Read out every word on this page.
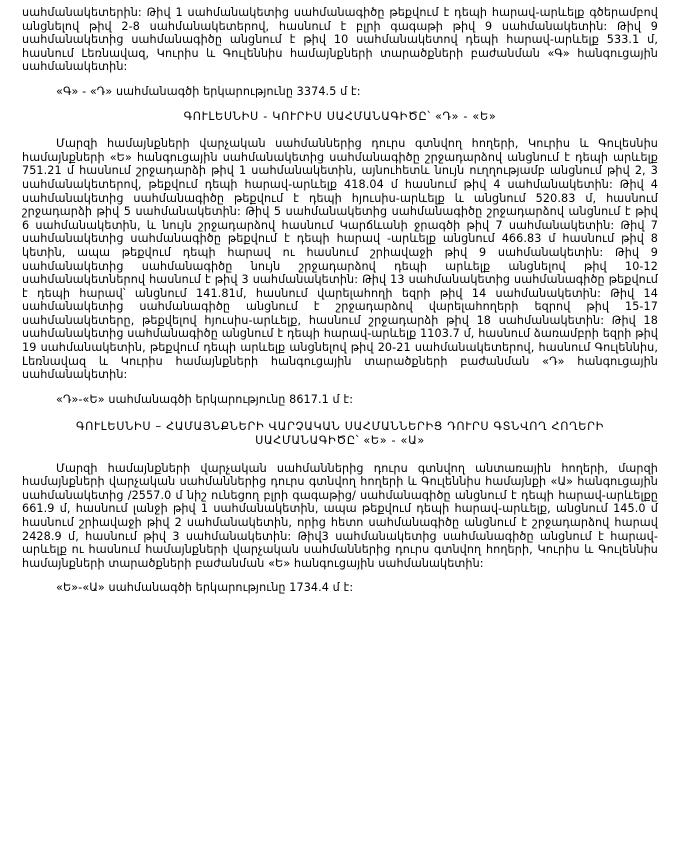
սահմանակետերին: Թիվ 1 սահմանակետից սահմանագիծը թեքվում է դեպի հարավ-արևելք գծերամբով անցնելով թիվ 2-8 սահմանակետերով, հասնում է բլրի գագաթի թիվ 9 սահմանակետին: Թիվ 9 սահմանակետից սահմանագիծը անցնում է թիվ 10 սահմանակետով դեպի հարավ-արևելք 533.1 մ, հասնում Լեռնավազ, Կուրիս և Գուլեննիս համայնքների տարածքների բաժանման «Գ» հանգուցային սահմանակետին:

«Գ» - «Դ» սահմանագծի երկարությունը 3374.5 մ է:

ԳՈՒԼԵՍՆԻՍ - ԿՈՒՐԻՍ ՍԱՀՄԱՆԱԳԻԾԸ՝ «Դ» - «Ե»

Մարզի համայնքների վարչական սահմաններից դուրս գտնվող հողերի, Կուրիս և Գուլեսնիս համայնքների «Ե» հանգուցային սահմանակետից սահմանագիծը շրջադարձով անցնում է դեպի արևելք 751.21 մ հասնում շրջադարձի թիվ 1 սահմանակետին, այնուհետև նույն ուղղությամբ անցնում թիվ 2, 3 սահմանակետերով, թեքվում դեպի հարավ-արևելք 418.04 մ հասնում թիվ 4 սահմանակետին: Թիվ 4 սահմանակետից սահմանագիծը թեքվում է դեպի հյուսիս-արևելք և անցնում 520.83 մ, հասնում շրջադարձի թիվ 5 սահմանակետին: Թիվ 5 սահմանակետից սահմանագիծը շրջադարձով անցնում է թիվ 6 սահմանակետին, և նույն շրջադարձով հասնում Կարճևանի ջրագծի թիվ 7 սահմանակետին: Թիվ 7 սահմանակետից սահմանագիծը թեքվում է դեպի հարավ -արևելք անցնում 466.83 մ հասնում թիվ 8 կետին, ապա թեքվում դեպի հարավ ու հասնում շրիավաջի թիվ 9 սահմանակետին: Թիվ 9 սահմանակետից սահմանագիծը նույն շրջադարձով դեպի արևելք անցնելով թիվ 10-12 սահմանակետներով հասնում է թիվ 3 սահմանակետին: Թիվ 13 սահմանակետից սահմանագիծը թեքվում է դեպի հարավ՝ անցնում 141.81մ, հասնում վարելահողի եզրի թիվ 14 սահմանակետին: Թիվ 14 սահմանակետից սահմանագիծը անցնում է շրջադարձով վարելահողերի եզրով թիվ 15-17 սահմանակետերը, թեքվելով հյուսիս-արևելք, հասնում շրջադարձի թիվ 18 սահմանակետին: Թիվ 18 սահմանակետից սահմանագիծը անցնում է դեպի հարավ-արևելք 1103.7 մ, հասնում ձառամբրի եզրի թիվ 19 սահմանակետին, թեքվում դեպի արևելք անցնելով թիվ 20-21 սահմանակետերով, հասնում Գուլեննիս, Լեռնավազ և Կուրիս համայնքների հանգուցային տարածքների բաժանման «Դ» հանգուցային սահմանակետին:

«Դ»-«Ե» սահմանագծի երկարությունը 8617.1 մ է:

ԳՈՒԼԵՍՆԻՍ – ՀԱՄԱՅՆՔՆԵՐԻ ՎԱՐՉԱԿԱՆ ՍԱՀՄԱՆՆԵՐԻՑ ԴՈՒՐՍ ԳՏՆՎՈՂ ՀՈՂԵՐԻ
ՍԱՀՄԱՆԱԳԻԾԸ՝ «Ե» - «Ա»

Մարզի համայնքների վարչական սահմաններից դուրս գտնվող անտառային հողերի, մարզի համայնքների վարչական սահմաններից դուրս գտնվող հողերի և Գուլեննիս համայնքի «Ա» հանգուցային սահմանակետից /2557.0 մ նիշ ունեցող բլրի գագաթից/ սահմանագիծը անցնում է դեպի հարավ-արևելքը 661.9 մ, հասնում լանջի թիվ 1 սահմանակետին, ապա թեքվում դեպի հարավ-արևելք, անցնում 145.0 մ հասնում շրիավաջի թիվ 2 սահմանակետին, որից հետո սահմանագիծը անցնում է շրջադարձով հարավ 2428.9 մ, հասնում թիվ 3 սահմանակետին: Թիվ3 սահմանակետից սահմանագիծը անցնում է հարավ-արևելք ու հասնում համայնքների վարչական սահմաններից դուրս գտնվող հողերի, Կուրիս և Գուլեննիս համայնքների տարածքների բաժանման «Ե» հանգուցային սահմանակետին:

«Ե»-«Ա» սահմանագծի երկարությունը 1734.4 մ է:
